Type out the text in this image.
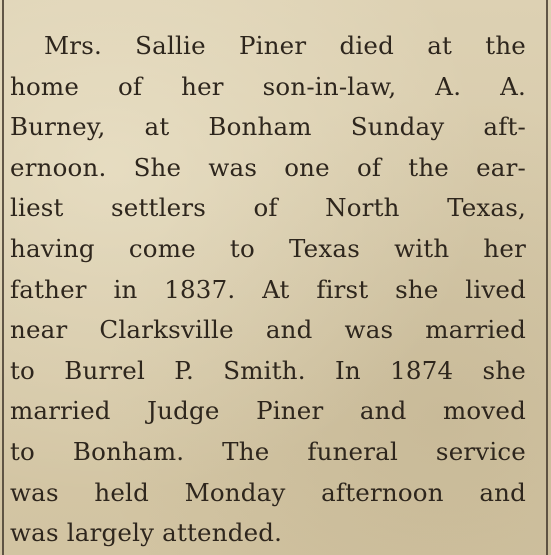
Mrs. Sallie Piner died at the
home of her son-in-law, A. A.
Burney, at Bonham Sunday aft-
ernoon. She was one of the ear-
liest settlers of North Texas,
having come to Texas with her
father in 1837. At first she lived
near Clarksville and was married
to Burrel P. Smith. In 1874 she
married Judge Piner and moved
to Bonham. The funeral service
was held Monday afternoon and
was largely attended.
